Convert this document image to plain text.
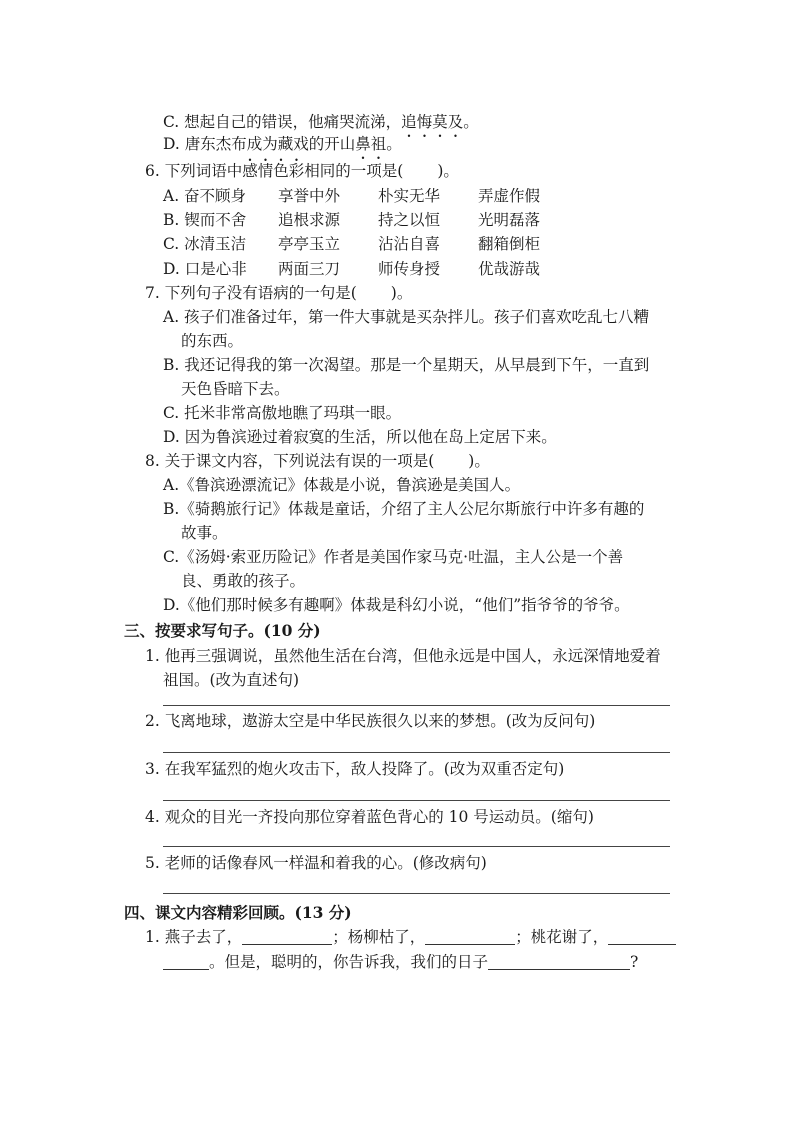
C. 想起自己的错误，他痛哭流涕，追悔莫及。
D. 唐东杰布成为藏戏的开山鼻祖。
6. 下列词语中感情色彩相同的一项是( )。
A. 奋不顾身 享誉中外 朴实无华 弄虚作假
B. 锲而不舍 追根求源 持之以恒 光明磊落
C. 冰清玉洁 亭亭玉立 沾沾自喜 翻箱倒柜
D. 口是心非 两面三刀 师传身授 优哉游哉
7. 下列句子没有语病的一句是( )。
A. 孩子们准备过年，第一件大事就是买杂拌儿。孩子们喜欢吃乱七八糟
的东西。
B. 我还记得我的第一次渴望。那是一个星期天，从早晨到下午，一直到
天色昏暗下去。
C. 托米非常高傲地瞧了玛琪一眼。
D. 因为鲁滨逊过着寂寞的生活，所以他在岛上定居下来。
8. 关于课文内容，下列说法有误的一项是( )。
A.《鲁滨逊漂流记》体裁是小说，鲁滨逊是美国人。
B.《骑鹅旅行记》体裁是童话，介绍了主人公尼尔斯旅行中许多有趣的
故事。
C.《汤姆·索亚历险记》作者是美国作家马克·吐温，主人公是一个善
良、勇敢的孩子。
D.《他们那时候多有趣啊》体裁是科幻小说，“他们”指爷爷的爷爷。
三、按要求写句子。(10 分)
1. 他再三强调说，虽然他生活在台湾，但他永远是中国人，永远深情地爱着
祖国。(改为直述句)
2. 飞离地球，遨游太空是中华民族很久以来的梦想。(改为反问句)
3. 在我军猛烈的炮火攻击下，敌人投降了。(改为双重否定句)
4. 观众的目光一齐投向那位穿着蓝色背心的 10 号运动员。(缩句)
5. 老师的话像春风一样温和着我的心。(修改病句)
四、课文内容精彩回顾。(13 分)
1. 燕子去了，	；杨柳枯了，	；桃花谢了，
。但是，聪明的，你告诉我，我们的日子	?
